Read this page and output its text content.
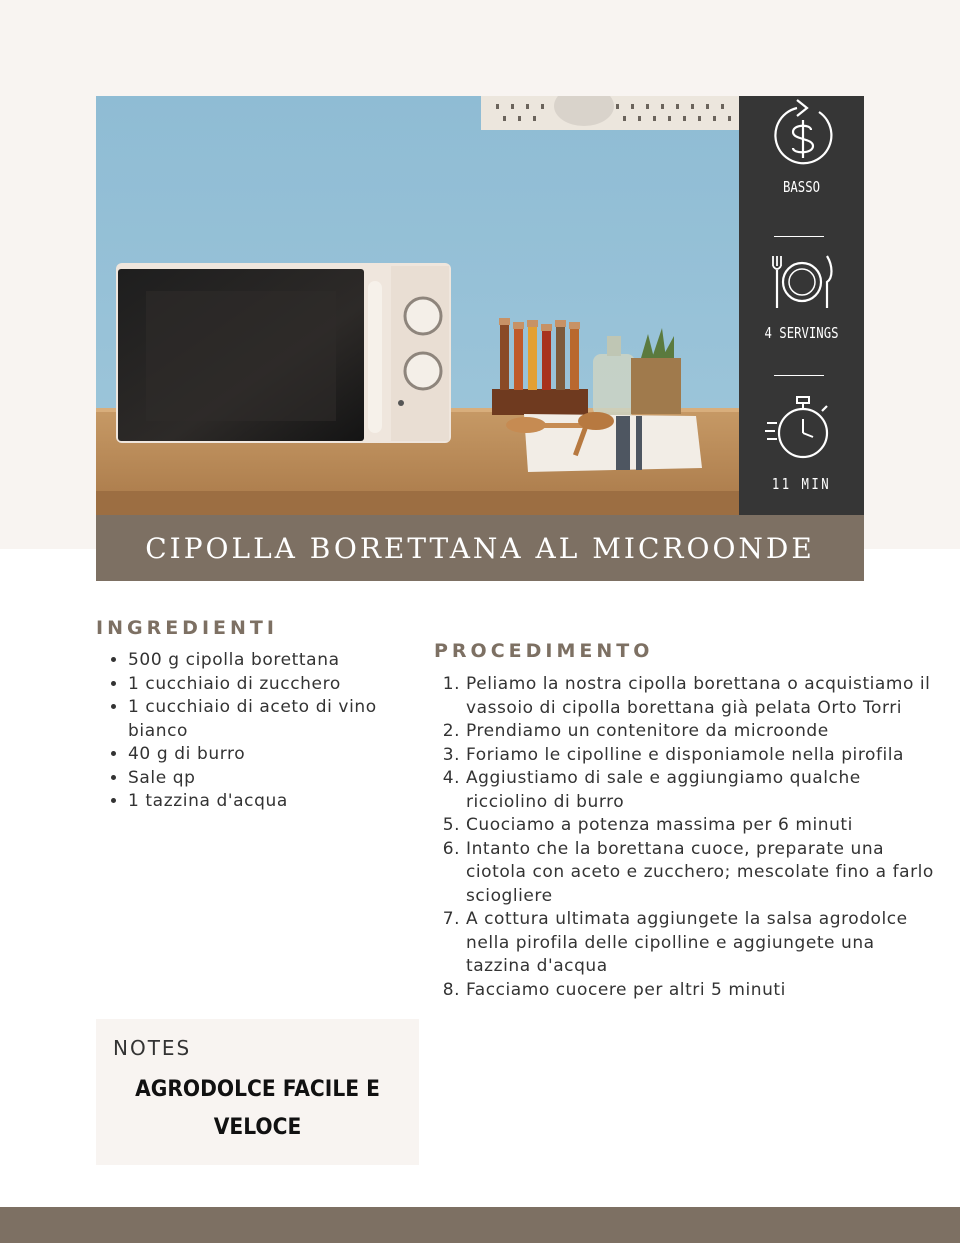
BASSO
4 SERVINGS
11 MIN
CIPOLLA BORETTANA AL MICROONDE
INGREDIENTI
• 500 g cipolla borettana
• 1 cucchiaio di zucchero
• 1 cucchiaio di aceto di vino bianco
• 40 g di burro
• Sale qp
• 1 tazzina d'acqua
PROCEDIMENTO
1. Peliamo la nostra cipolla borettana o acquistiamo il vassoio di cipolla borettana già pelata Orto Torri
2. Prendiamo un contenitore da microonde
3. Foriamo le cipolline e disponiamole nella pirofila
4. Aggiustiamo di sale e aggiungiamo qualche ricciolino di burro
5. Cuociamo a potenza massima per 6 minuti
6. Intanto che la borettana cuoce, preparate una ciotola con aceto e zucchero; mescolate fino a farlo sciogliere
7. A cottura ultimata aggiungete la salsa agrodolce nella pirofila delle cipolline e aggiungete una tazzina d'acqua
8. Facciamo cuocere per altri 5 minuti
NOTES

AGRODOLCE FACILE E VELOCE
